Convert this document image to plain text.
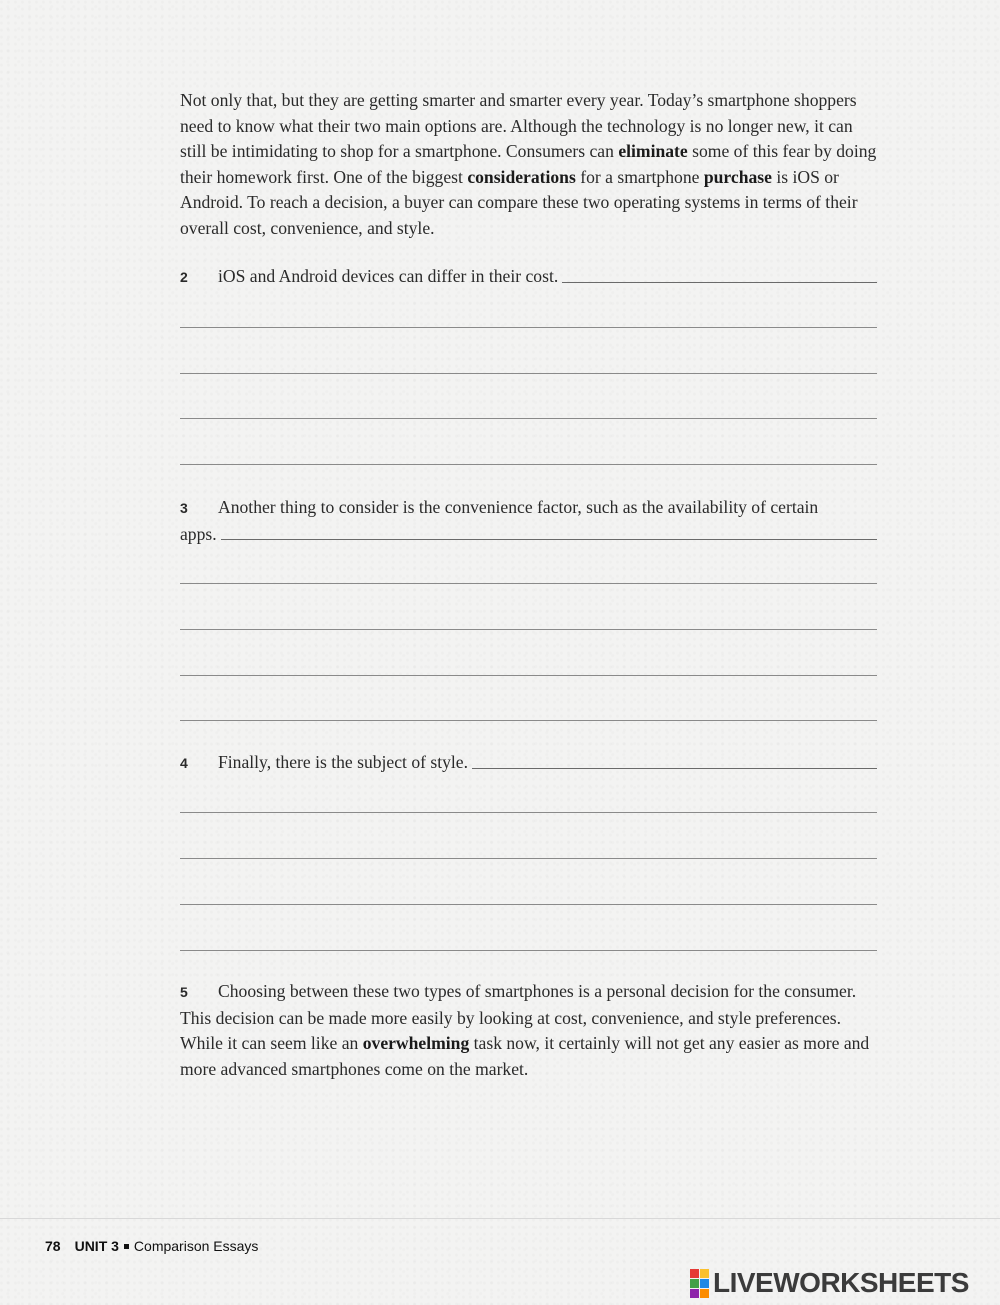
Not only that, but they are getting smarter and smarter every year. Today’s smartphone shoppers need to know what their two main options are. Although the technology is no longer new, it can still be intimidating to shop for a smartphone. Consumers can eliminate some of this fear by doing their homework first. One of the biggest considerations for a smartphone purchase is iOS or Android. To reach a decision, a buyer can compare these two operating systems in terms of their overall cost, convenience, and style.

2	iOS and Android devices can differ in their cost.
3 Another thing to consider is the convenience factor, such as the availability of certain
apps.
4	Finally, there is the subject of style.
5 Choosing between these two types of smartphones is a personal decision for the consumer. This decision can be made more easily by looking at cost, convenience, and style preferences. While it can seem like an overwhelming task now, it certainly will not get any easier as more and more advanced smartphones come on the market.
78 UNIT 3 Comparison Essays
LIVEWORKSHEETS
